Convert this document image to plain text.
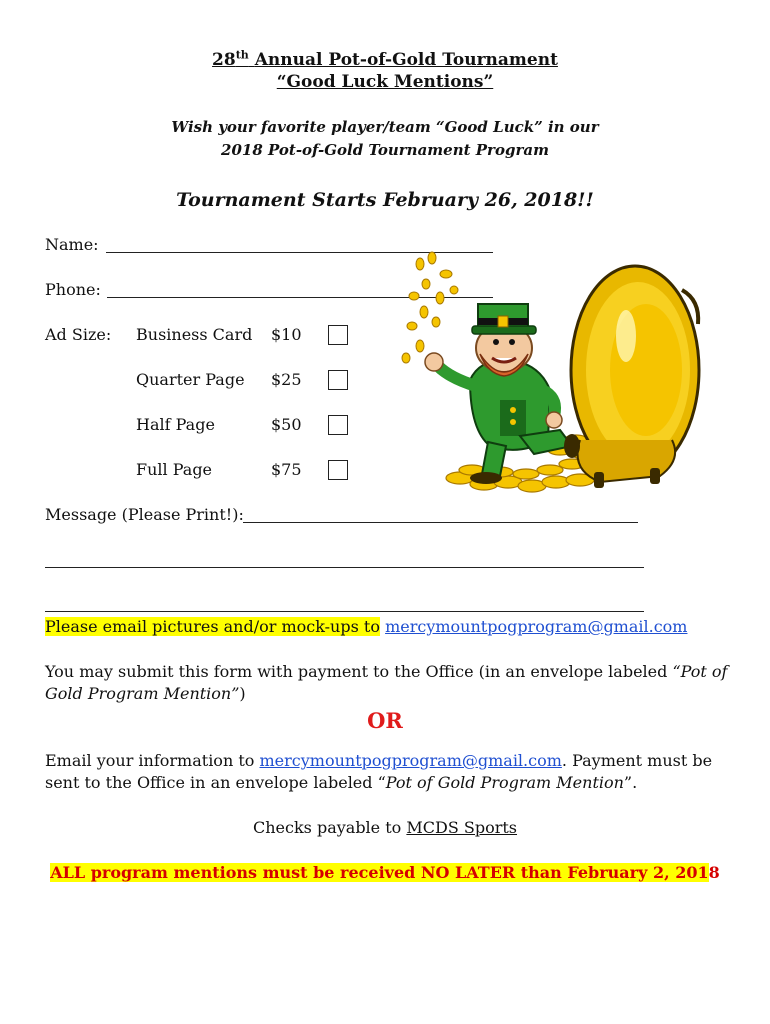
28th Annual Pot-of-Gold Tournament
“Good Luck Mentions”
Wish your favorite player/team “Good Luck” in our
2018 Pot-of-Gold Tournament Program
Tournament Starts February 26, 2018!!
Name:
Phone:
Ad Size: Business Card $10
Quarter Page $25
Half Page	$50
Full Page	$75
Message (Please Print!):
Please email pictures and/or mock-ups to mercymountpogprogram@gmail.com
You may submit this form with payment to the Office (in an envelope labeled “Pot of
Gold Program Mention”)
OR
Email your information to mercymountpogprogram@gmail.com. Payment must be
sent to the Office in an envelope labeled “Pot of Gold Program Mention”.
Checks payable to MCDS Sports
ALL program mentions must be received NO LATER than February 2, 2018
